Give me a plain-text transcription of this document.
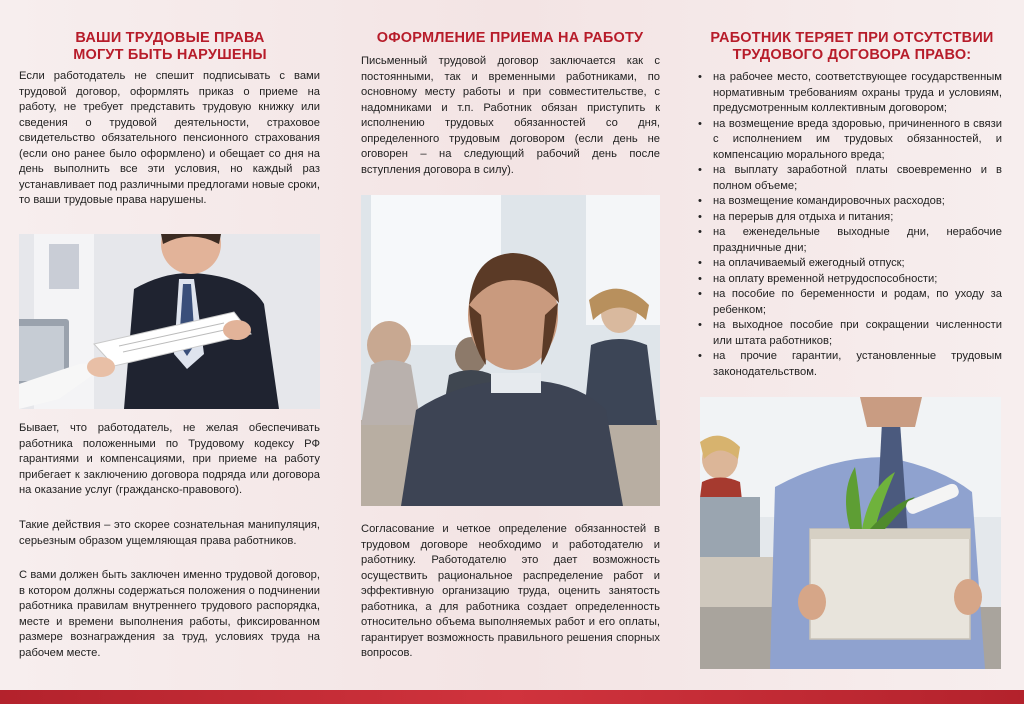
ВАШИ ТРУДОВЫЕ ПРАВА
МОГУТ БЫТЬ НАРУШЕНЫ

Если работодатель не спешит подписывать с вами трудовой договор, оформлять приказ о приеме на работу, не требует представить трудовую книжку или сведения о трудовой деятельности, страховое свидетельство обязательного пенсионного страхования (если оно ранее было оформлено) и обещает со дня на день выполнить все эти условия, но каждый раз устанавливает под различными предлогами новые сроки, то ваши трудовые права нарушены.

Бывает, что работодатель, не желая обеспечивать работника положенными по Трудовому кодексу РФ гарантиями и компенсациями, при приеме на работу прибегает к заключению договора подряда или договора на оказание услуг (гражданско-правового).

Такие действия – это скорее сознательная манипуляция, серьезным образом ущемляющая права работников.

С вами должен быть заключен именно трудовой договор, в котором должны содержаться положения о подчинении работника правилам внутреннего трудового распорядка, месте и времени выполнения работы, фиксированном размере вознаграждения за труд, условиях труда на рабочем месте.

ОФОРМЛЕНИЕ ПРИЕМА НА РАБОТУ

Письменный трудовой договор заключается как с постоянными, так и временными работниками, по основному месту работы и при совместительстве, с надомниками и т.п. Работник обязан приступить к исполнению трудовых обязанностей со дня, определенного трудовым договором (если день не оговорен – на следующий рабочий день после вступления договора в силу).

Согласование и четкое определение обязанностей в трудовом договоре необходимо и работодателю и работнику. Работодателю это дает возможность осуществить рациональное распределение работ и эффективную организацию труда, оценить занятость работника, а для работника создает определенность относительно объема выполняемых работ и его оплаты, гарантирует возможность правильного решения спорных вопросов.

РАБОТНИК ТЕРЯЕТ ПРИ ОТСУТСТВИИ
ТРУДОВОГО ДОГОВОРА ПРАВО:
• на рабочее место, соответствующее государственным нормативным требованиям охраны труда и условиям, предусмотренным коллективным договором;
• на возмещение вреда здоровью, причиненного в связи с исполнением им трудовых обязанностей, и компенсацию морального вреда;
• на выплату заработной платы своевременно и в полном объеме;
• на возмещение командировочных расходов;
• на перерыв для отдыха и питания;
• на еженедельные выходные дни, нерабочие праздничные дни;
• на оплачиваемый ежегодный отпуск;
• на оплату временной нетрудоспособности;
• на пособие по беременности и родам, по уходу за ребенком;
• на выходное пособие при сокращении численности или штата работников;
• на прочие гарантии, установленные трудовым законодательством.
